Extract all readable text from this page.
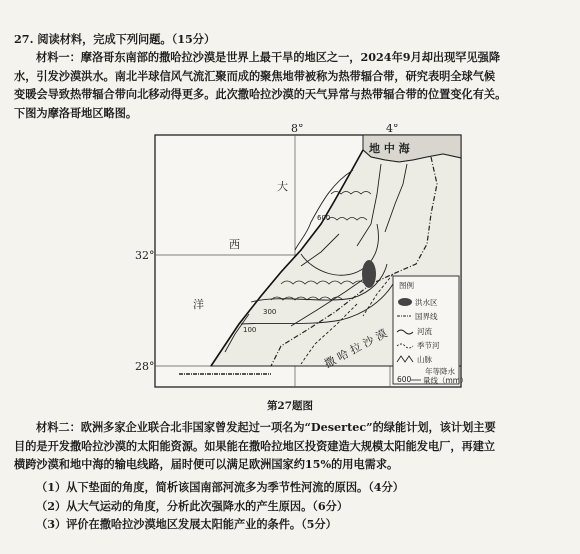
27. 阅读材料，完成下列问题。（15分）
材料一：摩洛哥东南部的撒哈拉沙漠是世界上最干旱的地区之一，2024年9月却出现罕见强降
水，引发沙漠洪水。南北半球信风气流汇聚而成的聚焦地带被称为热带辐合带，研究表明全球气候
变暖会导致热带辐合带向北移动得更多。此次撒哈拉沙漠的天气异常与热带辐合带的位置变化有关。
下图为摩洛哥地区略图。
8°	4°
32°
28°
地 中 海
大
西
洋
撒 哈 拉 沙 漠
600
300
100
图例
洪水区
国界线
河流
季节河
山脉
年等降水
600 量线（mm）
第27题图
材料二：欧洲多家企业联合北非国家曾发起过一项名为“Desertec”的绿能计划，该计划主要
目的是开发撒哈拉沙漠的太阳能资源。如果能在撒哈拉地区投资建造大规模太阳能发电厂，再建立
横跨沙漠和地中海的输电线路，届时便可以满足欧洲国家约15%的用电需求。
（1）从下垫面的角度，简析该国南部河流多为季节性河流的原因。（4分）
（2）从大气运动的角度，分析此次强降水的产生原因。（6分）
（3）评价在撒哈拉沙漠地区发展太阳能产业的条件。（5分）
